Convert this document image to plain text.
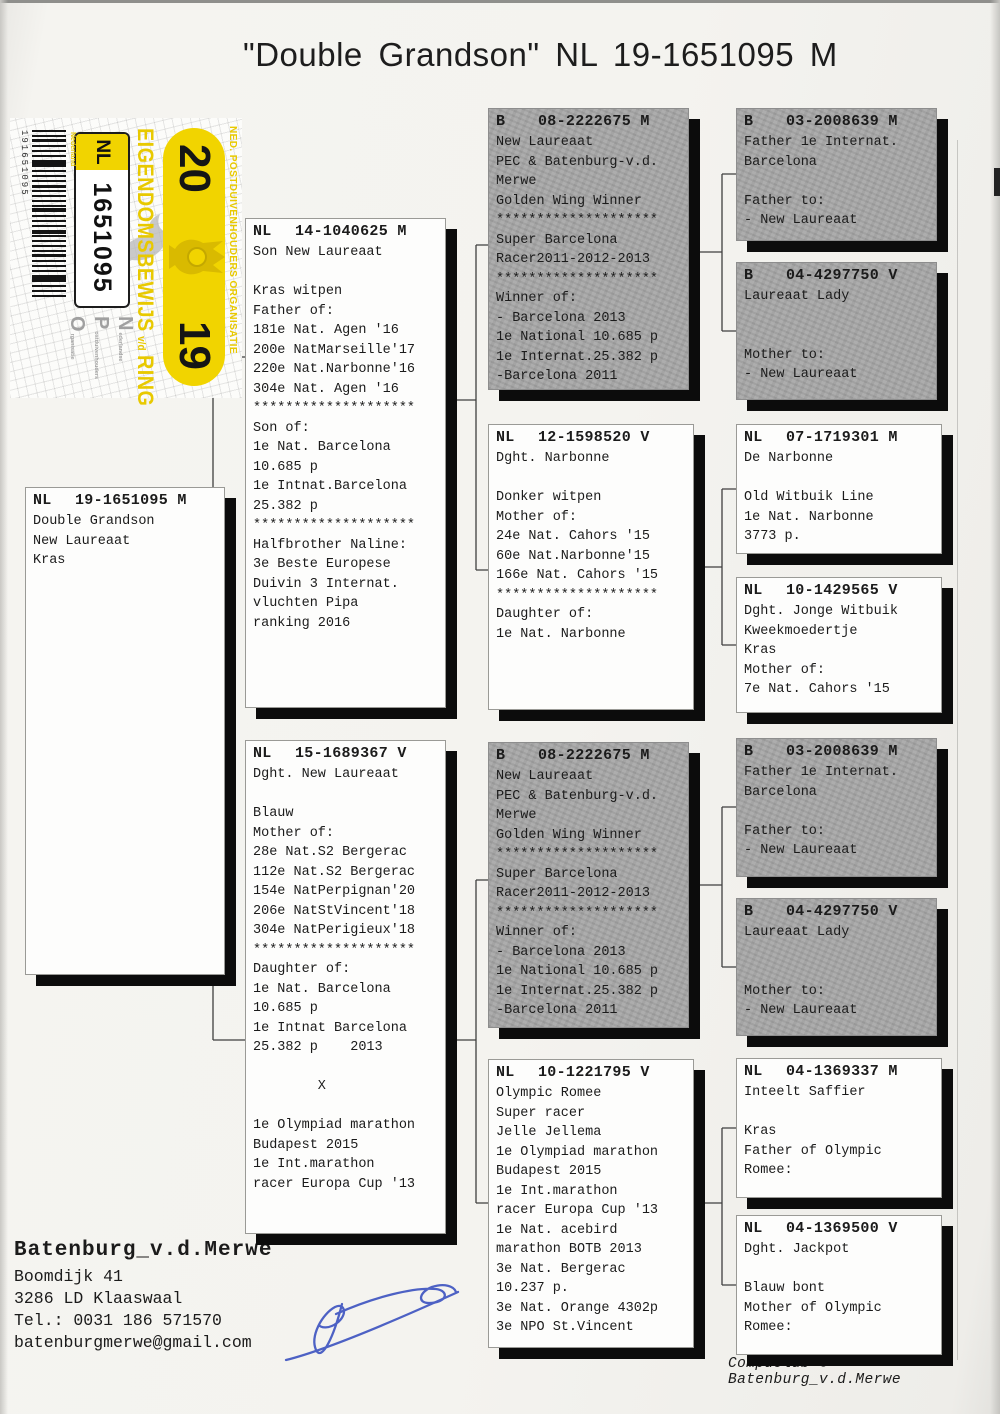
"Double Grandson" NL 19-1651095 M
NED. POSTDUIVENHOUDERS ORGANISATIE
20
19
EIGENDOMSBEWIJS
v/d
RING
NL
1651095
N
ederlandse
P
ostduivenhouders
O
rganisatie
Nederland
191651095
NL	19-1651095 M
Double Grandson
New Laureaat
Kras
NL	14-1040625 M
Son New Laureaat

Kras witpen
Father of:
181e Nat. Agen '16
200e NatMarseille'17
220e Nat.Narbonne'16
304e Nat. Agen '16
********************
Son of:
1e Nat. Barcelona
10.685 p
1e Intnat.Barcelona
25.382 p
********************
Halfbrother Naline:
3e Beste Europese
Duivin 3 Internat.
vluchten Pipa
ranking 2016
NL	15-1689367 V
Dght. New Laureaat

Blauw
Mother of:
28e Nat.S2 Bergerac
112e Nat.S2 Bergerac
154e NatPerpignan'20
206e NatStVincent'18
304e NatPerigieux'18
********************
Daughter of:
1e Nat. Barcelona
10.685 p
1e Intnat Barcelona
25.382 p    2013

X

1e Olympiad marathon
Budapest 2015
1e Int.marathon
racer Europa Cup '13
B	08-2222675 M
New Laureaat
PEC & Batenburg-v.d.
Merwe
Golden Wing Winner
********************
Super Barcelona
Racer2011-2012-2013
********************
Winner of:
- Barcelona 2013
1e National 10.685 p
1e Internat.25.382 p
-Barcelona 2011
NL	12-1598520 V
Dght. Narbonne

Donker witpen
Mother of:
24e Nat. Cahors '15
60e Nat.Narbonne'15
166e Nat. Cahors '15
********************
Daughter of:
1e Nat. Narbonne
B	08-2222675 M
New Laureaat
PEC & Batenburg-v.d.
Merwe
Golden Wing Winner
********************
Super Barcelona
Racer2011-2012-2013
********************
Winner of:
- Barcelona 2013
1e National 10.685 p
1e Internat.25.382 p
-Barcelona 2011
NL	10-1221795 V
Olympic Romee
Super racer
Jelle Jellema
1e Olympiad marathon
Budapest 2015
1e Int.marathon
racer Europa Cup '13
1e Nat. acebird
marathon BOTB 2013
3e Nat. Bergerac
10.237 p.
3e Nat. Orange 4302p
3e NPO St.Vincent
B	03-2008639 M
Father 1e Internat.
Barcelona

Father to:
- New Laureaat
B	04-4297750 V
Laureaat Lady

Mother to:
- New Laureaat
NL	07-1719301 M
De Narbonne

Old Witbuik Line
1e Nat. Narbonne
3773 p.
NL	10-1429565 V
Dght. Jonge Witbuik
Kweekmoedertje
Kras
Mother of:
7e Nat. Cahors '15
B	03-2008639 M
Father 1e Internat.
Barcelona

Father to:
- New Laureaat
B	04-4297750 V
Laureaat Lady

Mother to:
- New Laureaat
NL	04-1369337 M
Inteelt Saffier

Kras
Father of Olympic
Romee:
NL	04-1369500 V
Dght. Jackpot

Blauw bont
Mother of Olympic
Romee:
Batenburg_v.d.Merwe
Boomdijk 41
3286 LD Klaaswaal
Tel.: 0031 186 571570
batenburgmerwe@gmail.com
Compuclub © Batenburg_v.d.Merwe
